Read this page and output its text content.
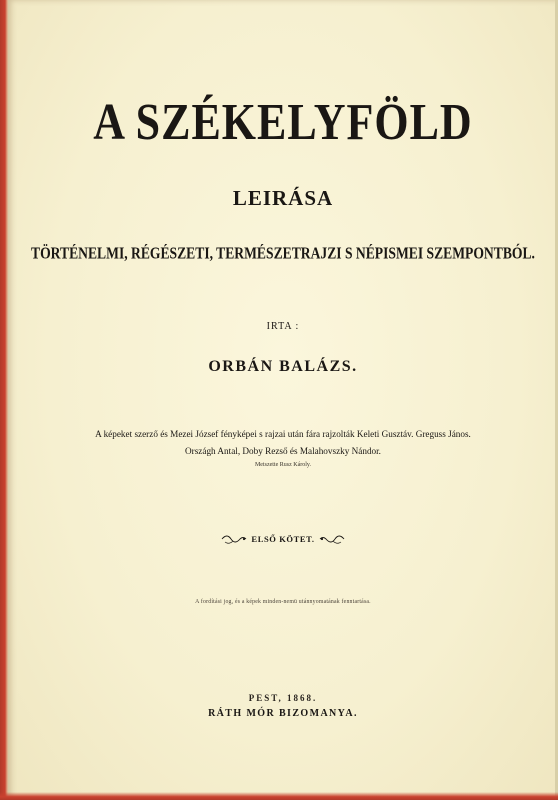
A SZÉKELYFÖLD
LEIRÁSA
TÖRTÉNELMI, RÉGÉSZETI, TERMÉSZETRAJZI S NÉPISMEI SZEMPONTBÓL.
IRTA :
ORBÁN BALÁZS.
A képeket szerző és Mezei József fényképei s rajzai után fára rajzolták Keleti Gusztáv. Greguss János.
Országh Antal, Doby Rezső és Malahovszky Nándor.
Metszette Rusz Károly.
ELSŐ KÖTET.
A fordítási jog, és a képek minden-nemü utánnyomatának fenntartása.
PEST, 1868.
RÁTH MÓR BIZOMANYA.
